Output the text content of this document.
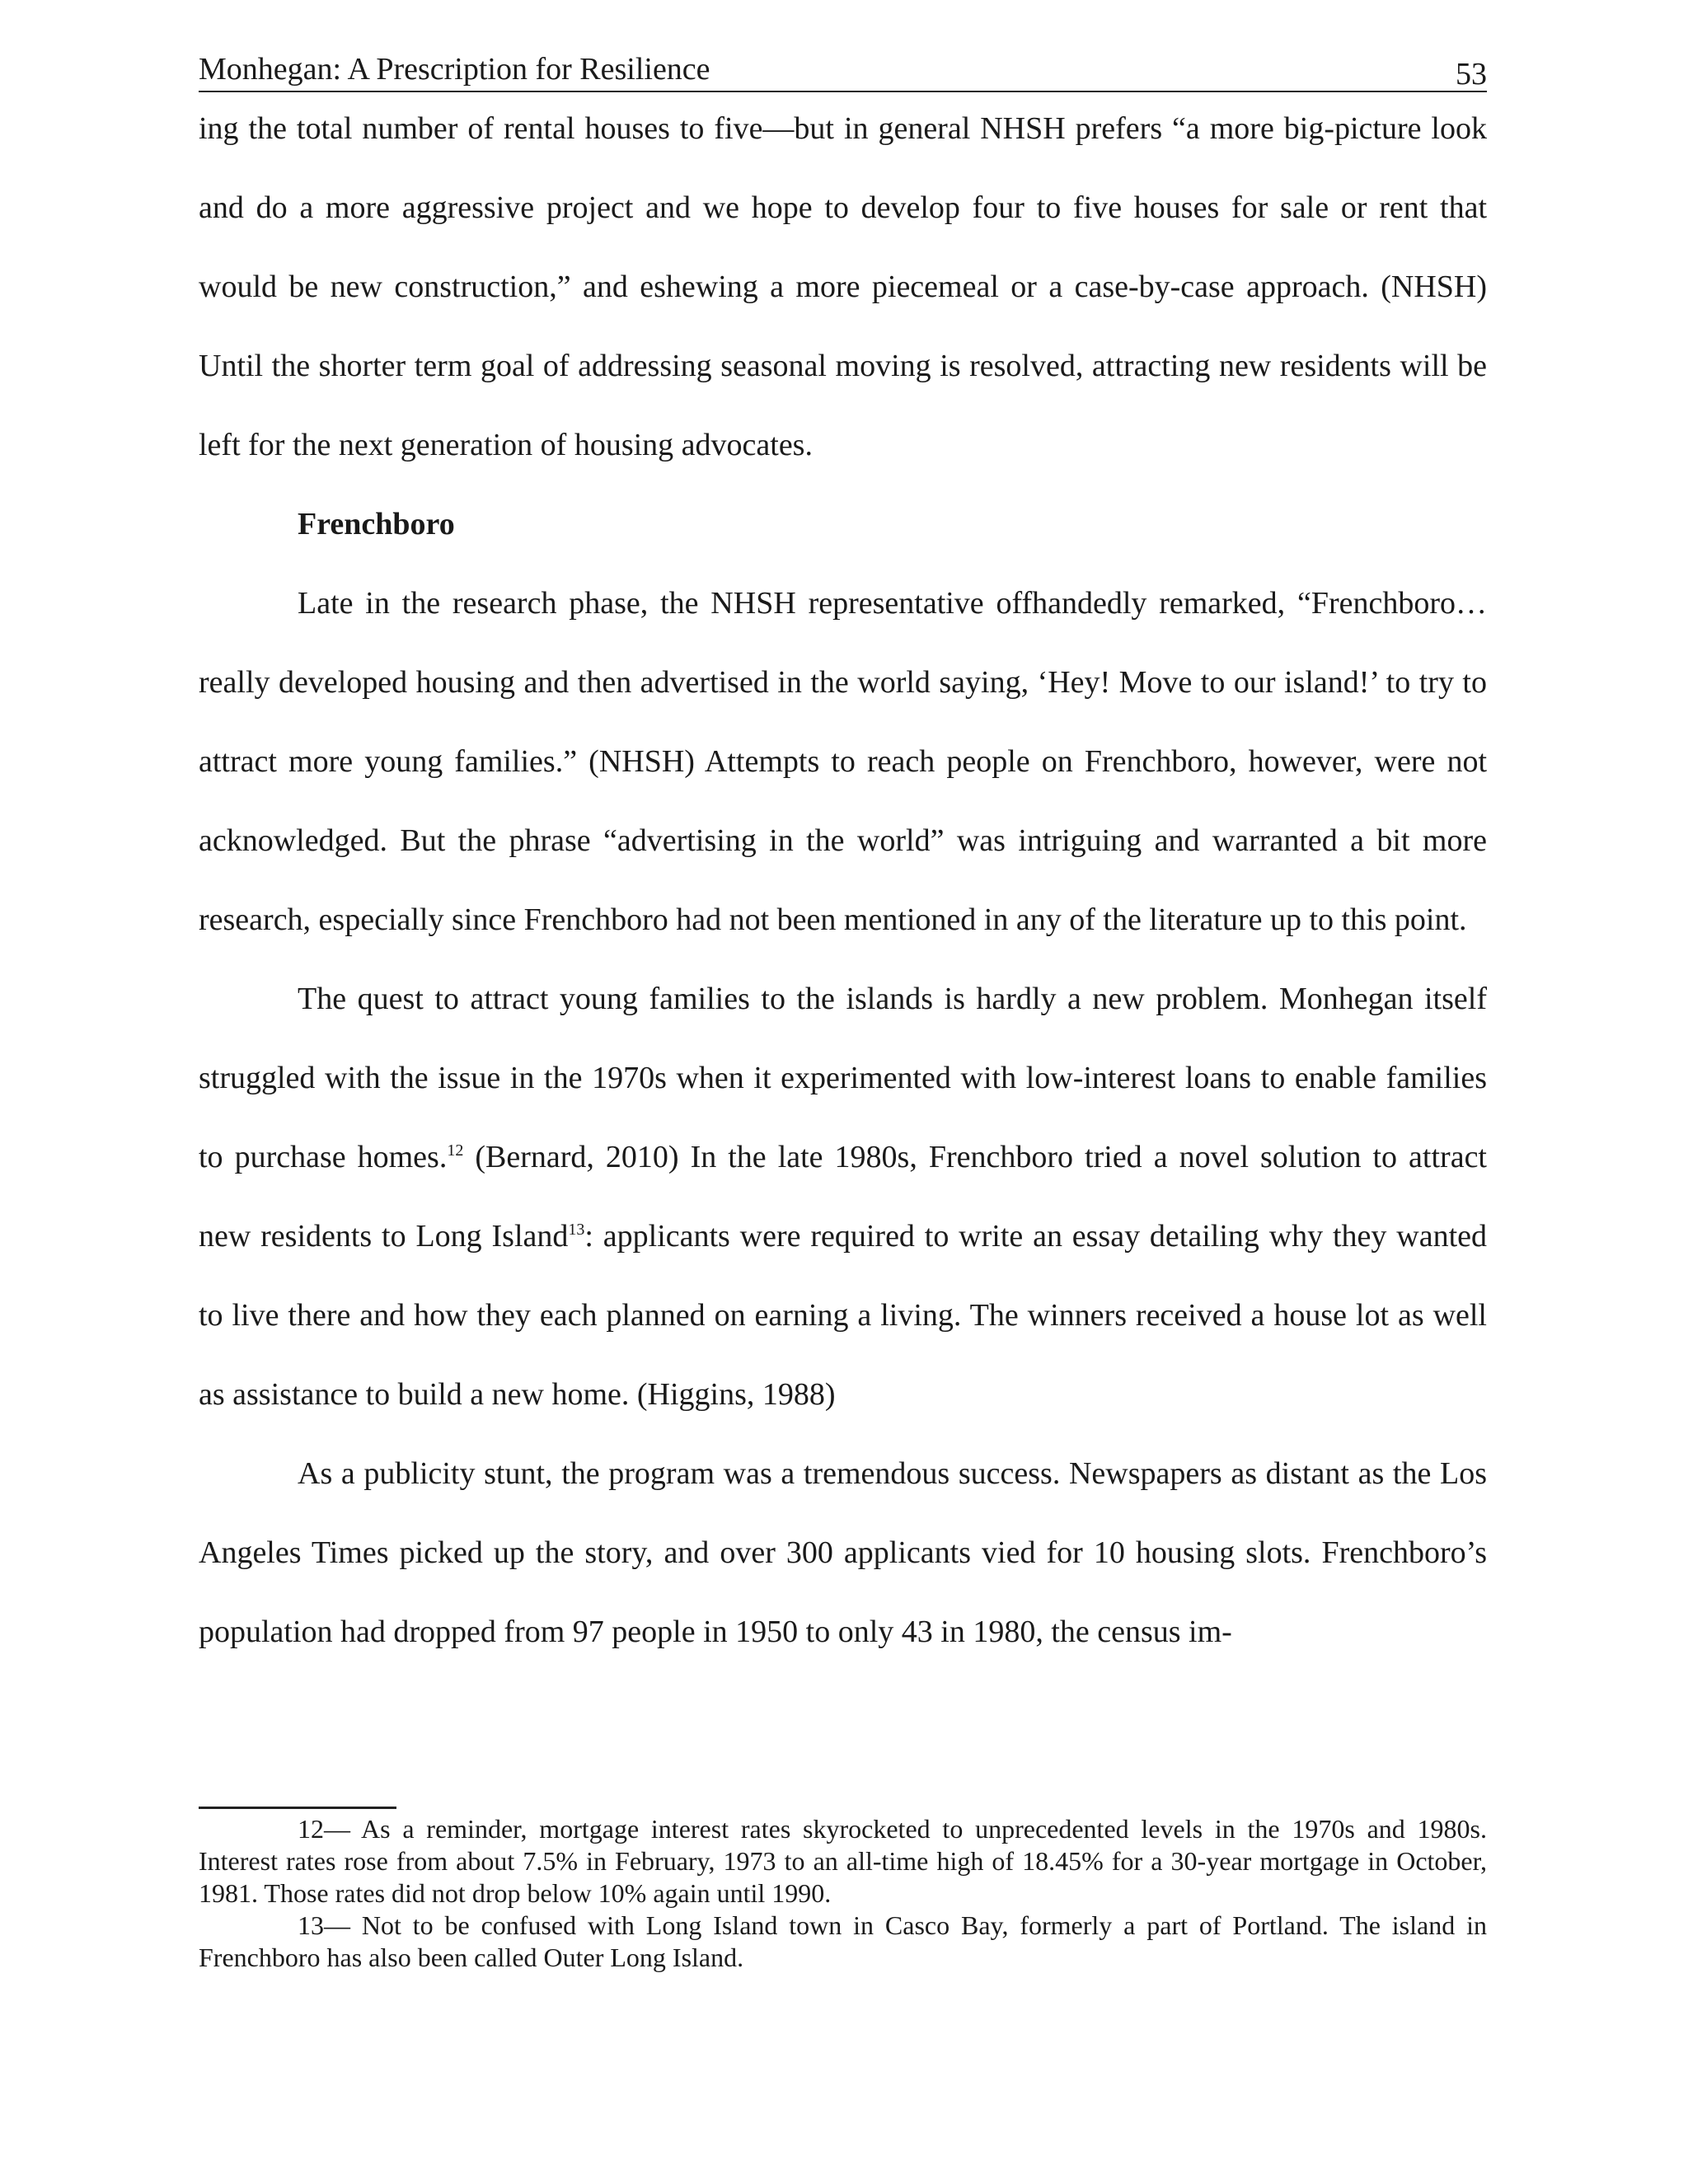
Monhegan: A Prescription for Resilience	53

ing the total number of rental houses to five—but in general NHSH prefers “a more big-picture look and do a more aggressive project and we hope to develop four to five houses for sale or rent that would be new construction,” and eshewing a more piecemeal or a case-by-case approach. (NHSH) Until the shorter term goal of addressing seasonal moving is resolved, attracting new residents will be left for the next generation of housing advocates.

Frenchboro

Late in the research phase, the NHSH representative offhandedly remarked, “Frenchboro…really developed housing and then advertised in the world saying, ‘Hey! Move to our island!’ to try to attract more young families.” (NHSH) Attempts to reach people on Frenchboro, however, were not acknowledged. But the phrase “advertising in the world” was intriguing and warranted a bit more research, especially since Frenchboro had not been mentioned in any of the literature up to this point.

The quest to attract young families to the islands is hardly a new problem. Monhegan itself struggled with the issue in the 1970s when it experimented with low-interest loans to enable families to purchase homes.$^{12}$ (Bernard, 2010) In the late 1980s, Frenchboro tried a novel solution to attract new residents to Long Island$^{13}$: applicants were required to write an essay detailing why they wanted to live there and how they each planned on earning a living. The winners received a house lot as well as assistance to build a new home. (Higgins, 1988)

As a publicity stunt, the program was a tremendous success. Newspapers as distant as the Los Angeles Times picked up the story, and over 300 applicants vied for 10 housing slots. Frenchboro’s population had dropped from 97 people in 1950 to only 43 in 1980, the census im-

12— As a reminder, mortgage interest rates skyrocketed to unprecedented levels in the 1970s and 1980s. Interest rates rose from about 7.5% in February, 1973 to an all-time high of 18.45% for a 30-year mortgage in October, 1981. Those rates did not drop below 10% again until 1990.

13— Not to be confused with Long Island town in Casco Bay, formerly a part of Portland. The island in Frenchboro has also been called Outer Long Island.
